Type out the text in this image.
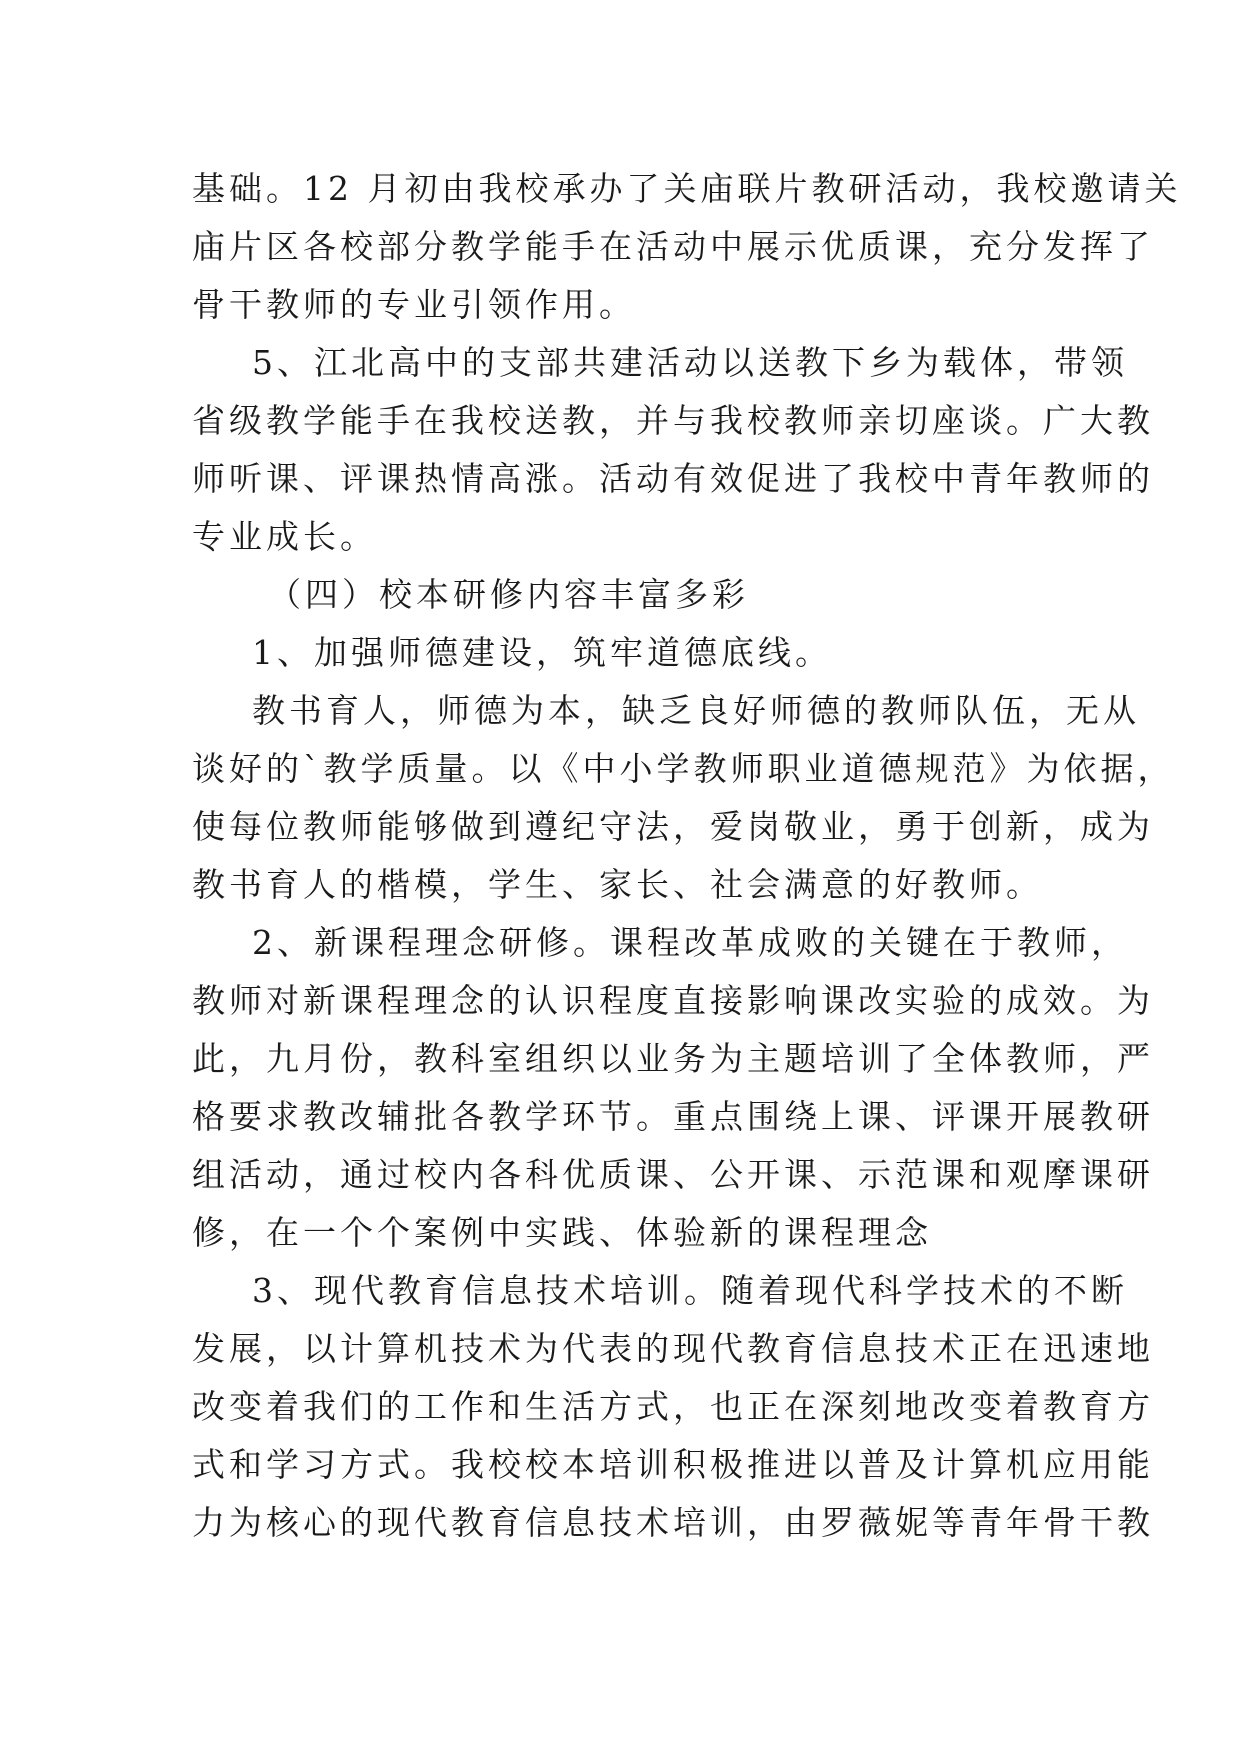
基础。12 月初由我校承办了关庙联片教研活动，我校邀请关
庙片区各校部分教学能手在活动中展示优质课，充分发挥了
骨干教师的专业引领作用。
5、江北高中的支部共建活动以送教下乡为载体，带领
省级教学能手在我校送教，并与我校教师亲切座谈。广大教
师听课、评课热情高涨。活动有效促进了我校中青年教师的
专业成长。
（四）校本研修内容丰富多彩
1、加强师德建设，筑牢道德底线。
教书育人，师德为本，缺乏良好师德的教师队伍，无从
谈好的`教学质量。以《中小学教师职业道德规范》为依据，
使每位教师能够做到遵纪守法，爱岗敬业，勇于创新，成为
教书育人的楷模，学生、家长、社会满意的好教师。
2、新课程理念研修。课程改革成败的关键在于教师，
教师对新课程理念的认识程度直接影响课改实验的成效。为
此，九月份，教科室组织以业务为主题培训了全体教师，严
格要求教改辅批各教学环节。重点围绕上课、评课开展教研
组活动，通过校内各科优质课、公开课、示范课和观摩课研
修，在一个个案例中实践、体验新的课程理念
3、现代教育信息技术培训。随着现代科学技术的不断
发展，以计算机技术为代表的现代教育信息技术正在迅速地
改变着我们的工作和生活方式，也正在深刻地改变着教育方
式和学习方式。我校校本培训积极推进以普及计算机应用能
力为核心的现代教育信息技术培训，由罗薇妮等青年骨干教
